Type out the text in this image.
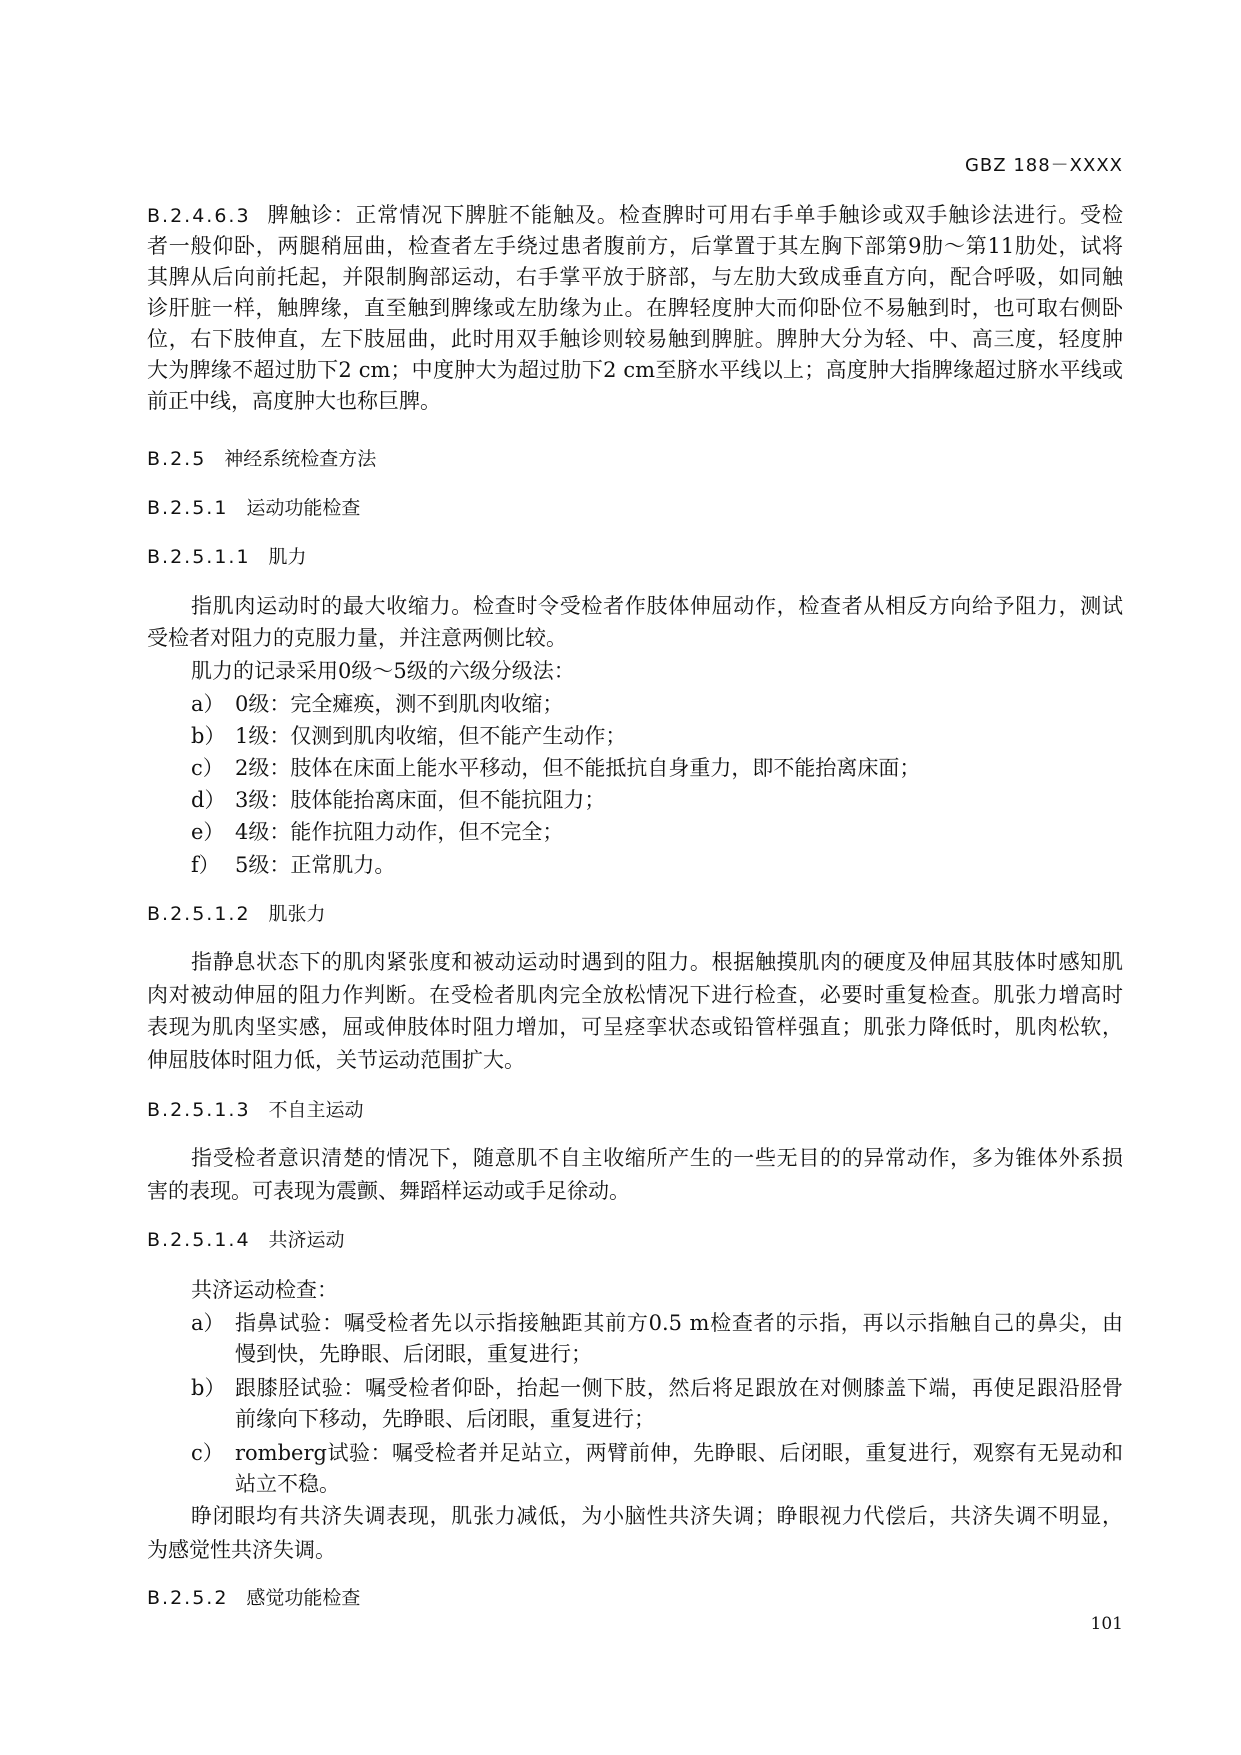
GBZ 188－XXXX
B.2.4.6.3 脾触诊：正常情况下脾脏不能触及。检查脾时可用右手单手触诊或双手触诊法进行。受检
者一般仰卧，两腿稍屈曲，检查者左手绕过患者腹前方，后掌置于其左胸下部第9肋～第11肋处，试将
其脾从后向前托起，并限制胸部运动，右手掌平放于脐部，与左肋大致成垂直方向，配合呼吸，如同触
诊肝脏一样，触脾缘，直至触到脾缘或左肋缘为止。在脾轻度肿大而仰卧位不易触到时，也可取右侧卧
位，右下肢伸直，左下肢屈曲，此时用双手触诊则较易触到脾脏。脾肿大分为轻、中、高三度，轻度肿
大为脾缘不超过肋下2 cm；中度肿大为超过肋下2 cm至脐水平线以上；高度肿大指脾缘超过脐水平线或
前正中线，高度肿大也称巨脾。
B.2.5 神经系统检查方法
B.2.5.1 运动功能检查
B.2.5.1.1 肌力
指肌肉运动时的最大收缩力。检查时令受检者作肢体伸屈动作，检查者从相反方向给予阻力，测试
受检者对阻力的克服力量，并注意两侧比较。
肌力的记录采用0级～5级的六级分级法：
a） 0级：完全瘫痪，测不到肌肉收缩；
b） 1级：仅测到肌肉收缩，但不能产生动作；
c） 2级：肢体在床面上能水平移动，但不能抵抗自身重力，即不能抬离床面；
d） 3级：肢体能抬离床面，但不能抗阻力；
e） 4级：能作抗阻力动作，但不完全；
f） 5级：正常肌力。
B.2.5.1.2 肌张力
指静息状态下的肌肉紧张度和被动运动时遇到的阻力。根据触摸肌肉的硬度及伸屈其肢体时感知肌
肉对被动伸屈的阻力作判断。在受检者肌肉完全放松情况下进行检查，必要时重复检查。肌张力增高时
表现为肌肉坚实感，屈或伸肢体时阻力增加，可呈痉挛状态或铅管样强直；肌张力降低时，肌肉松软，
伸屈肢体时阻力低，关节运动范围扩大。
B.2.5.1.3 不自主运动
指受检者意识清楚的情况下，随意肌不自主收缩所产生的一些无目的的异常动作，多为锥体外系损
害的表现。可表现为震颤、舞蹈样运动或手足徐动。
B.2.5.1.4 共济运动
共济运动检查：
a） 指鼻试验：嘱受检者先以示指接触距其前方0.5 m检查者的示指，再以示指触自己的鼻尖，由
慢到快，先睁眼、后闭眼，重复进行；
b） 跟膝胫试验：嘱受检者仰卧，抬起一侧下肢，然后将足跟放在对侧膝盖下端，再使足跟沿胫骨
前缘向下移动，先睁眼、后闭眼，重复进行；
c） romberg试验：嘱受检者并足站立，两臂前伸，先睁眼、后闭眼，重复进行，观察有无晃动和
站立不稳。
睁闭眼均有共济失调表现，肌张力减低，为小脑性共济失调；睁眼视力代偿后，共济失调不明显，
为感觉性共济失调。
B.2.5.2 感觉功能检查
101
